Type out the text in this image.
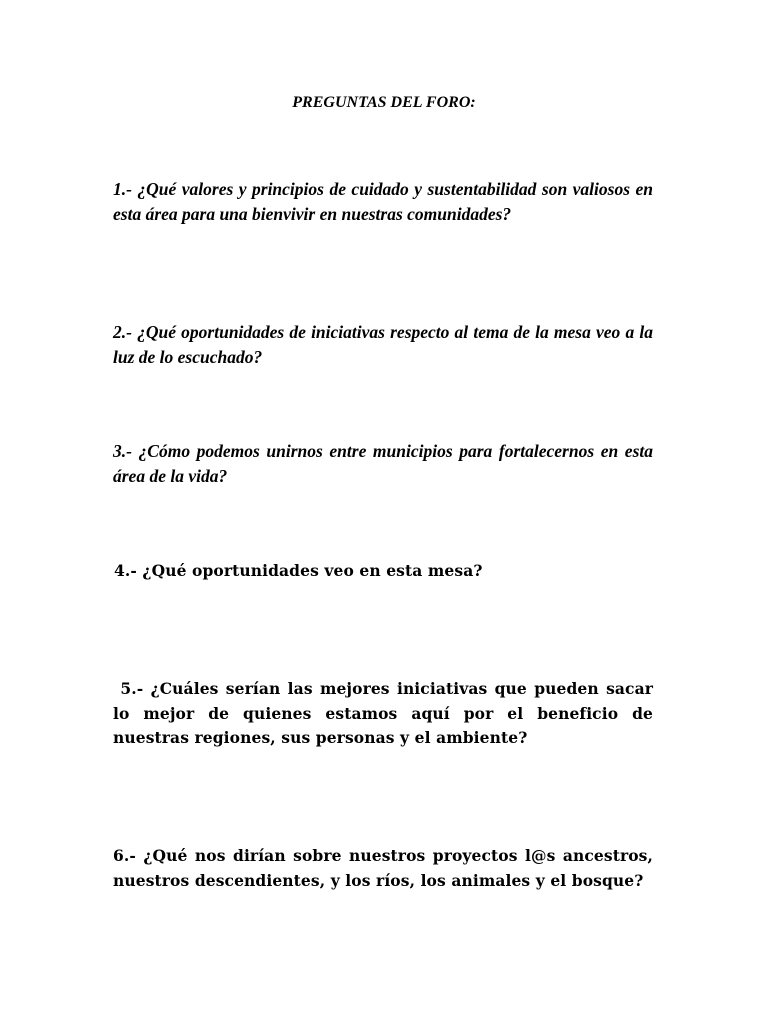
PREGUNTAS DEL FORO:

1.- ¿Qué valores y principios de cuidado y sustentabilidad son valiosos en esta área para una bienvivir en nuestras comunidades?

2.- ¿Qué oportunidades de iniciativas respecto al tema de la mesa veo a la luz de lo escuchado?

3.- ¿Cómo podemos unirnos entre municipios para fortalecernos en esta área de la vida?

4.- ¿Qué oportunidades veo en esta mesa?

5.- ¿Cuáles serían las mejores iniciativas que pueden sacar lo mejor de quienes estamos aquí por el beneficio de nuestras regiones, sus personas y el ambiente?

6.- ¿Qué nos dirían sobre nuestros proyectos l@s ancestros, nuestros descendientes, y los ríos, los animales y el bosque?
